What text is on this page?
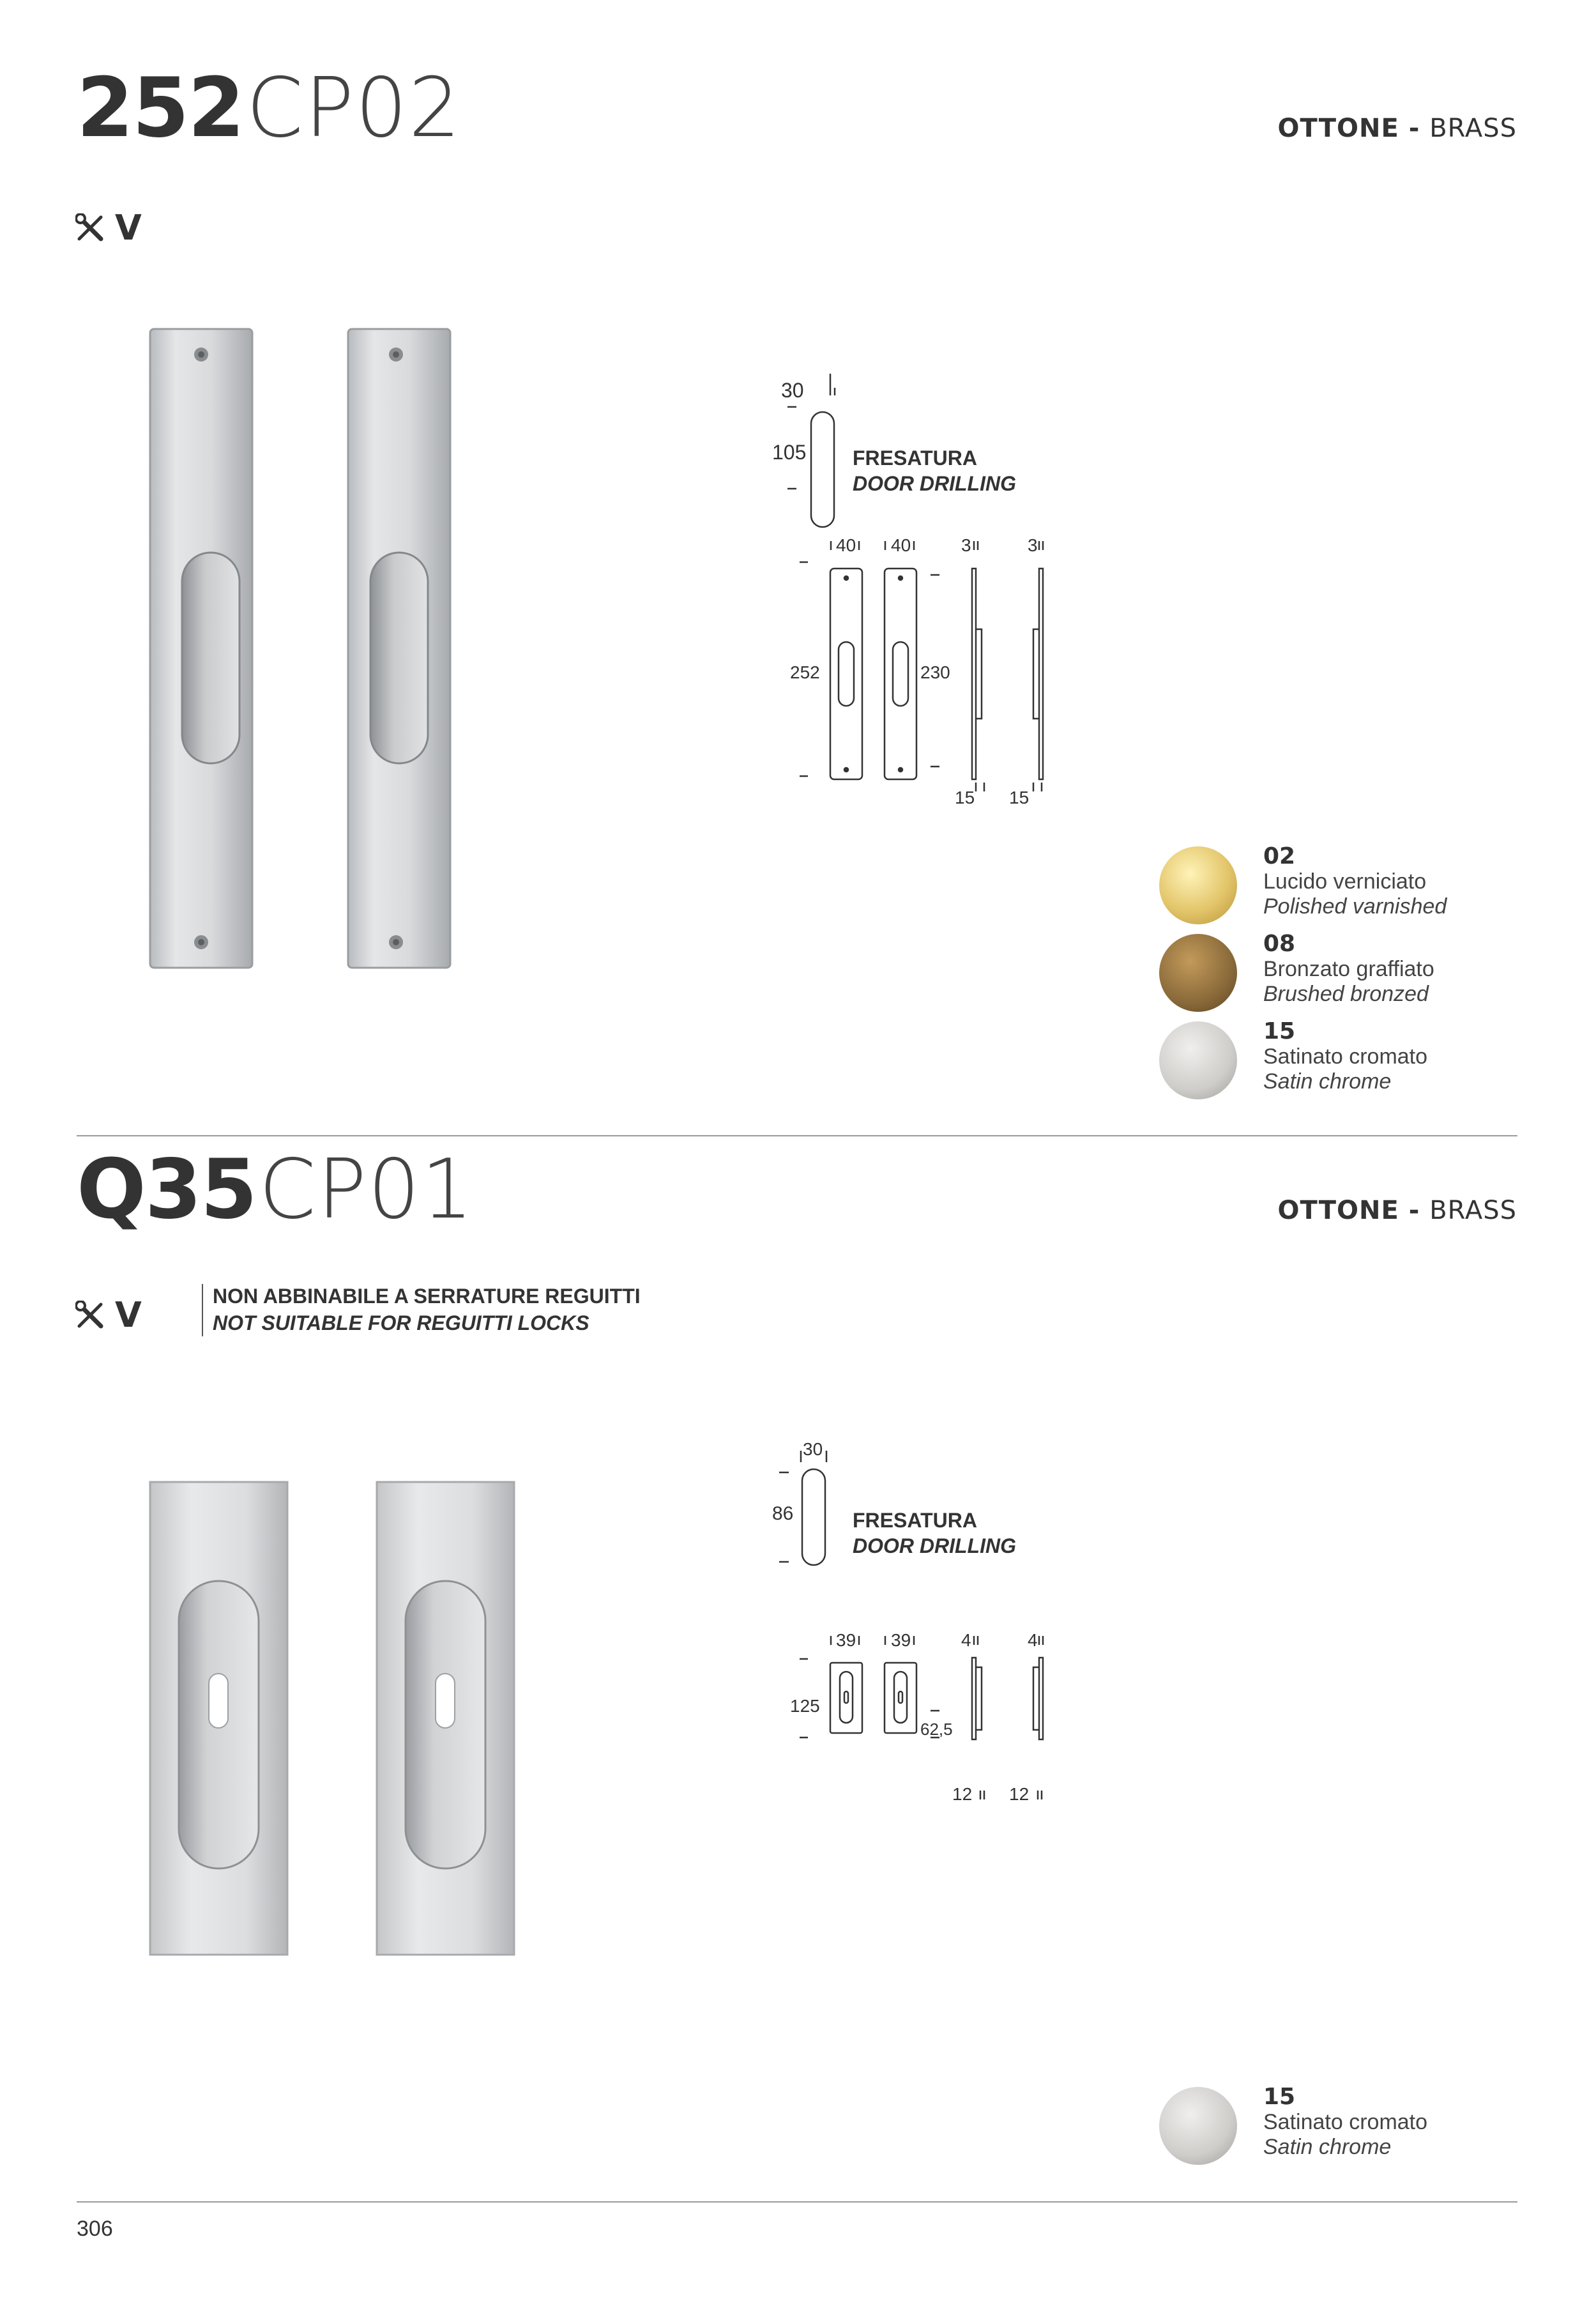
252 CP02	OTTONE - BRASS
V
30
105 FRESATURA
DOOR DRILLING
40 40	3	3
252	230
15 15
02
Lucido verniciato
Polished varnished
08
Bronzato graffiato
Brushed bronzed
15
Satinato cromato
Satin chrome
Q35 CP01	OTTONE - BRASS
V	NON ABBINABILE A SERRATURE REGUITTI
NOT SUITABLE FOR REGUITTI LOCKS
30
86	FRESATURA
DOOR DRILLING
39 39	4	4
125
62,5
12 12
15
Satinato cromato
Satin chrome
306
